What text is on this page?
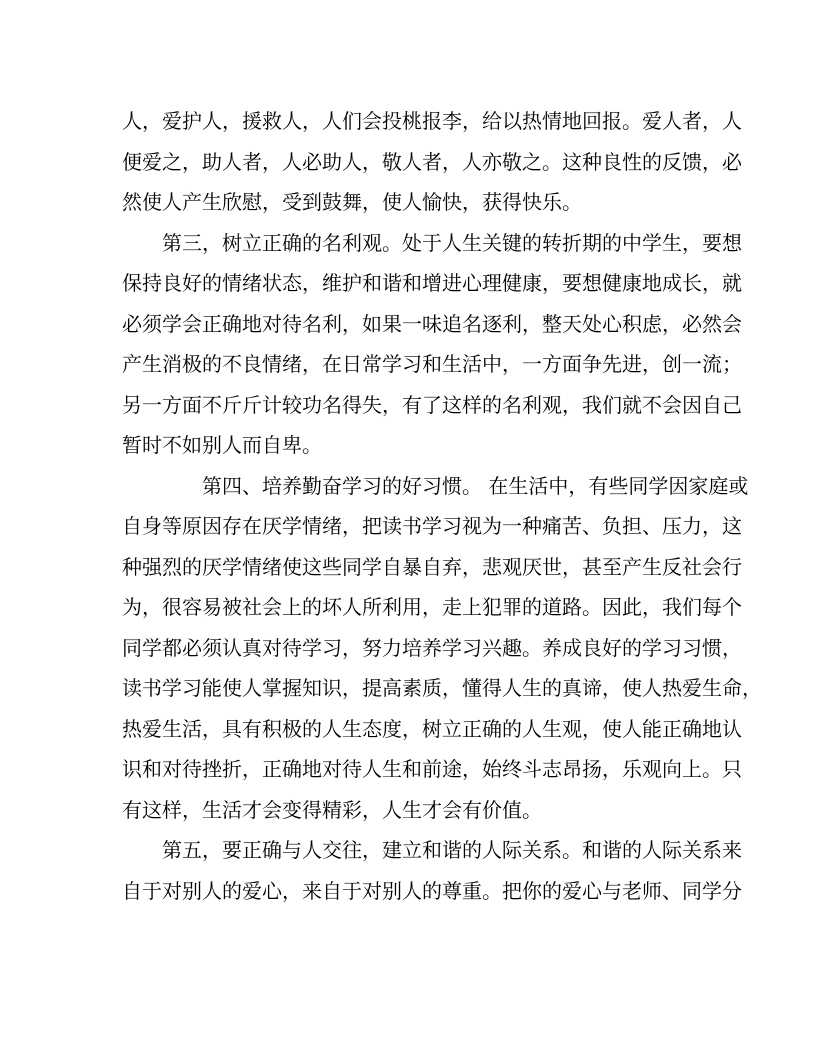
人，爱护人，援救人，人们会投桃报李，给以热情地回报。爱人者，人
便爱之，助人者，人必助人，敬人者，人亦敬之。这种良性的反馈，必
然使人产生欣慰，受到鼓舞，使人愉快，获得快乐。
第三，树立正确的名利观。处于人生关键的转折期的中学生，要想
保持良好的情绪状态，维护和谐和增进心理健康，要想健康地成长，就
必须学会正确地对待名利，如果一味追名逐利，整天处心积虑，必然会
产生消极的不良情绪，在日常学习和生活中，一方面争先进，创一流；
另一方面不斤斤计较功名得失，有了这样的名利观，我们就不会因自己
暂时不如别人而自卑。
第四、培养勤奋学习的好习惯。 在生活中，有些同学因家庭或
自身等原因存在厌学情绪，把读书学习视为一种痛苦、负担、压力，这
种强烈的厌学情绪使这些同学自暴自弃，悲观厌世，甚至产生反社会行
为，很容易被社会上的坏人所利用，走上犯罪的道路。因此，我们每个
同学都必须认真对待学习，努力培养学习兴趣。养成良好的学习习惯，
读书学习能使人掌握知识，提高素质，懂得人生的真谛，使人热爱生命，
热爱生活，具有积极的人生态度，树立正确的人生观，使人能正确地认
识和对待挫折，正确地对待人生和前途，始终斗志昂扬，乐观向上。只
有这样，生活才会变得精彩，人生才会有价值。
第五，要正确与人交往，建立和谐的人际关系。和谐的人际关系来
自于对别人的爱心，来自于对别人的尊重。把你的爱心与老师、同学分
